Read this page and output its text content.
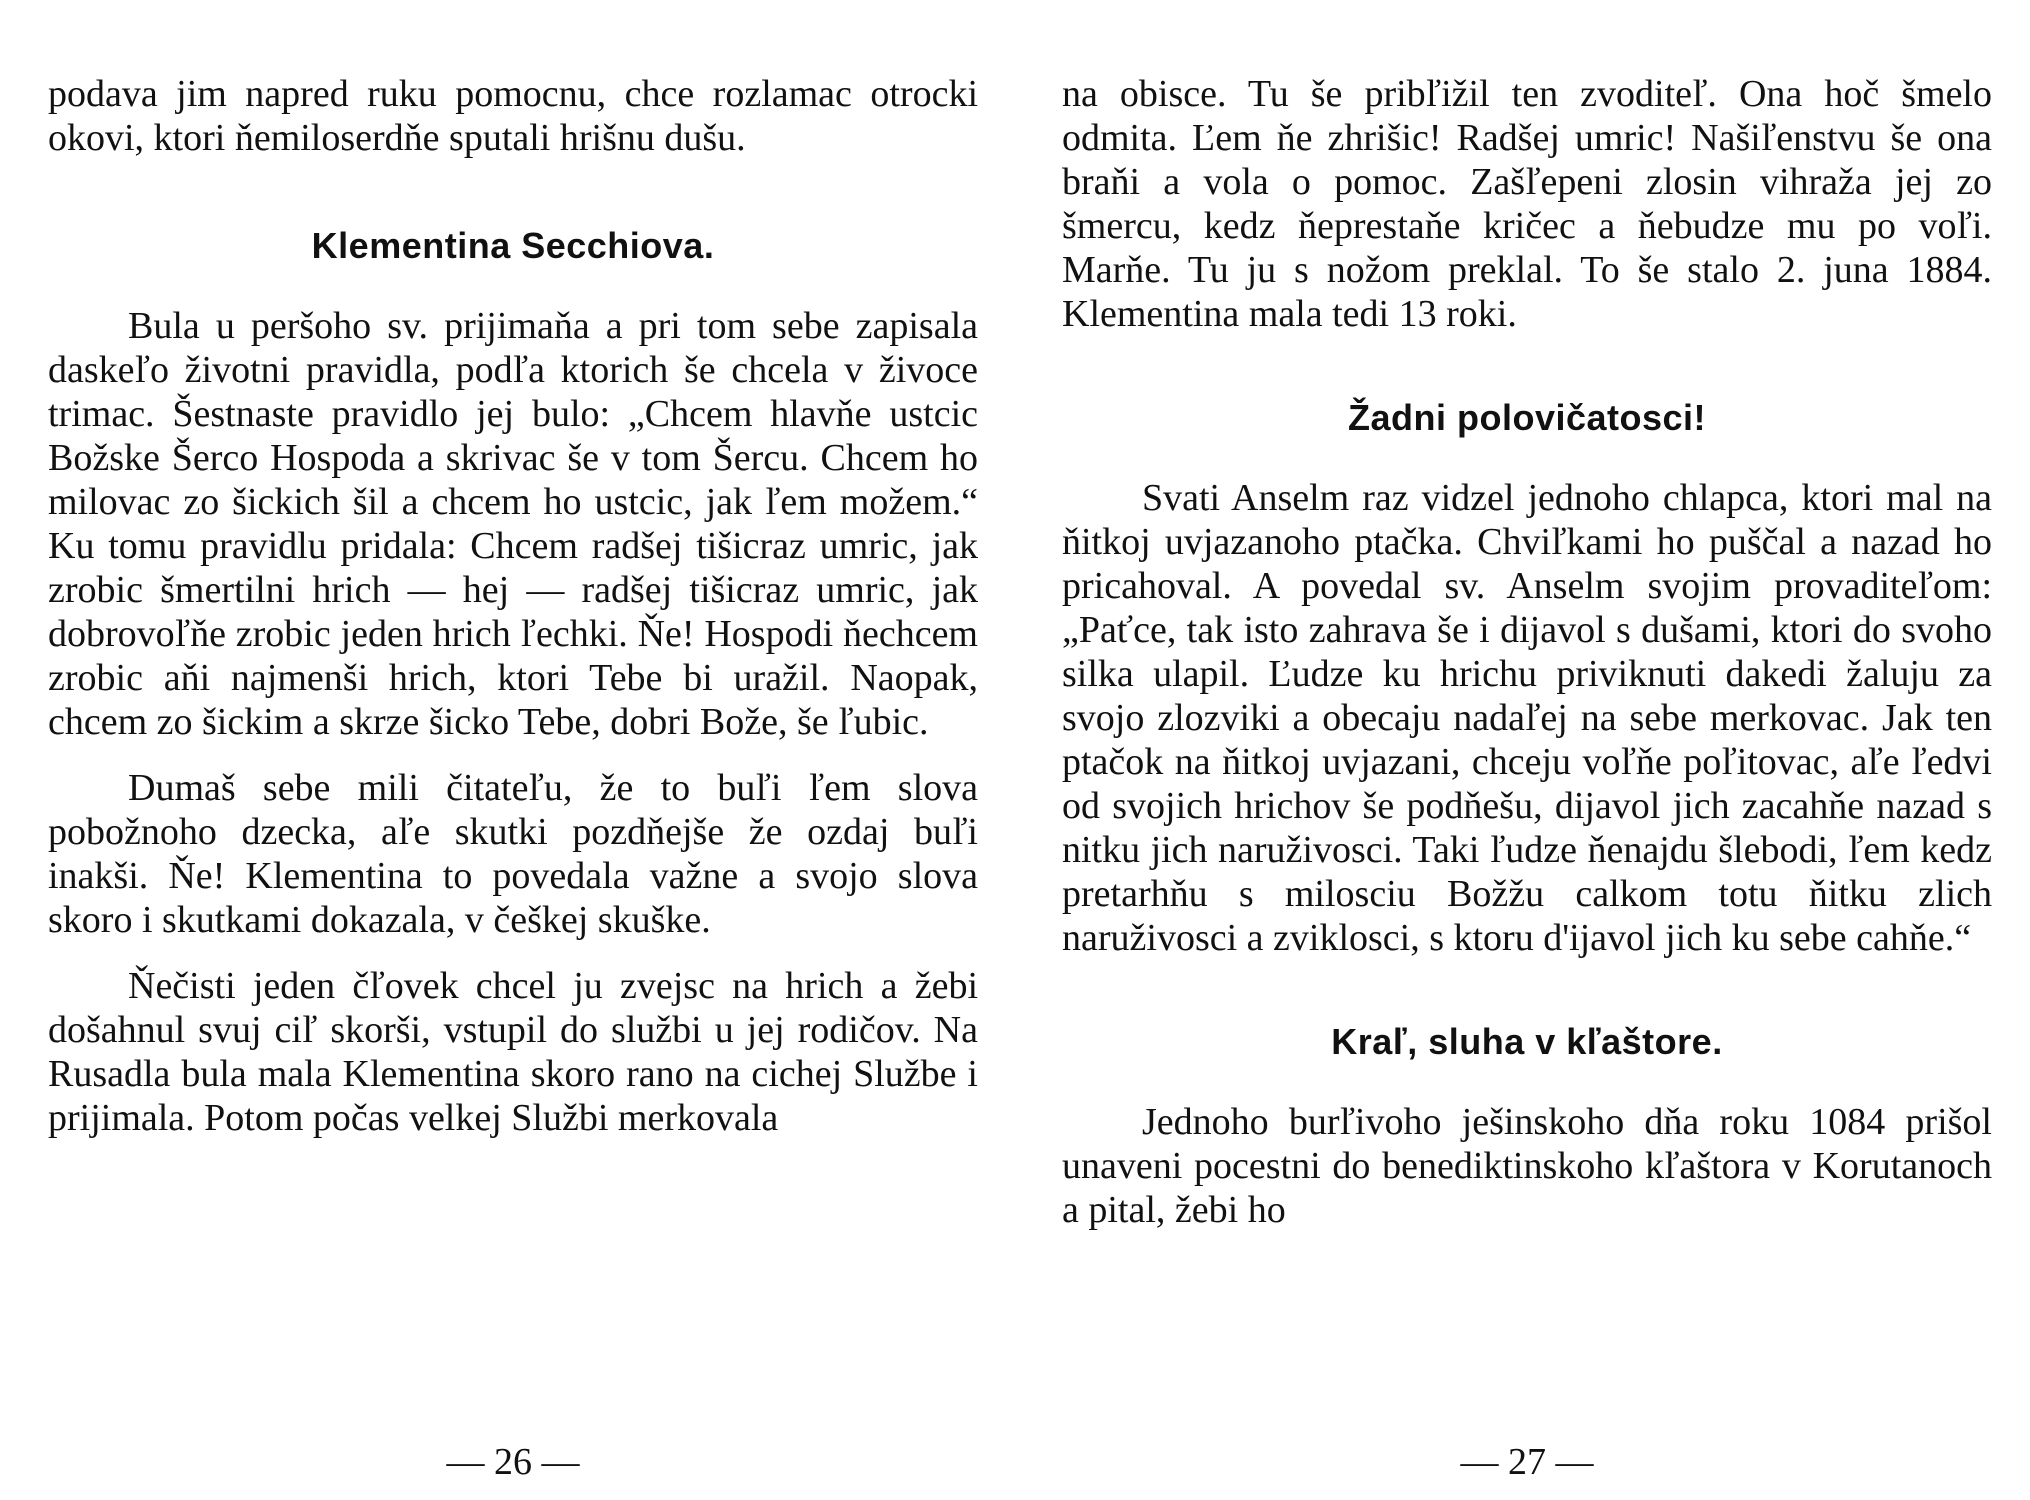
podava jim napred ruku pomocnu, chce rozlamac otrocki okovi, ktori ňemiloserdňe sputali hrišnu dušu.

Klementina Secchiova.

Bula u peršoho sv. prijimaňa a pri tom sebe zapisala daskeľo životni pravidla, podľa ktorich še chcela v živoce trimac. Šestnaste pravidlo jej bulo: „Chcem hlavňe ustcic Božske Šerco Hospoda a skrivac še v tom Šercu. Chcem ho milovac zo šickich šil a chcem ho ustcic, jak ľem možem.“ Ku tomu pravidlu pridala: Chcem radšej tišicraz umric, jak zrobic šmertilni hrich — hej — radšej tišicraz umric, jak dobrovoľňe zrobic jeden hrich ľechki. Ňe! Hospodi ňechcem zrobic aňi najmenši hrich, ktori Tebe bi uražil. Naopak, chcem zo šickim a skrze šicko Tebe, dobri Bože, še ľubic.

Dumaš sebe mili čitateľu, že to buľi ľem slova pobožnoho dzecka, aľe skutki pozdňejše že ozdaj buľi inakši. Ňe! Klementina to povedala važne a svojo slova skoro i skutkami dokazala, v češkej skuške.

Ňečisti jeden čľovek chcel ju zvejsc na hrich a žebi došahnul svuj ciľ skorši, vstupil do službi u jej rodičov. Na Rusadla bula mala Klementina skoro rano na cichej Službe i prijimala. Potom počas velkej Službi merkovala

— 26 —

na obisce. Tu še pribľižil ten zvoditeľ. Ona hoč šmelo odmita. Ľem ňe zhrišic! Radšej umric! Našiľenstvu še ona braňi a vola o pomoc. Zašľepeni zlosin vihraža jej zo šmercu, kedz ňeprestaňe kričec a ňebudze mu po voľi. Marňe. Tu ju s nožom preklal. To še stalo 2. juna 1884. Klementina mala tedi 13 roki.

Žadni polovičatosci!

Svati Anselm raz vidzel jednoho chlapca, ktori mal na ňitkoj uvjazanoho ptačka. Chviľkami ho puščal a nazad ho pricahoval. A povedal sv. Anselm svojim provaditeľom: „Paťce, tak isto zahrava še i dijavol s dušami, ktori do svoho silka ulapil. Ľudze ku hrichu priviknuti dakedi žaluju za svojo zlozviki a obecaju nadaľej na sebe merkovac. Jak ten ptačok na ňitkoj uvjazani, chceju voľňe poľitovac, aľe ľedvi od svojich hrichov še podňešu, dijavol jich zacahňe nazad s nitku jich naruživosci. Taki ľudze ňenajdu šlebodi, ľem kedz pretarhňu s milosciu Božžu calkom totu ňitku zlich naruživosci a zviklosci, s ktoru d'ijavol jich ku sebe cahňe.“

Kraľ, sluha v kľaštore.

Jednoho burľivoho ješinskoho dňa roku 1084 prišol unaveni pocestni do benediktinskoho kľaštora v Korutanoch a pital, žebi ho

— 27 —
